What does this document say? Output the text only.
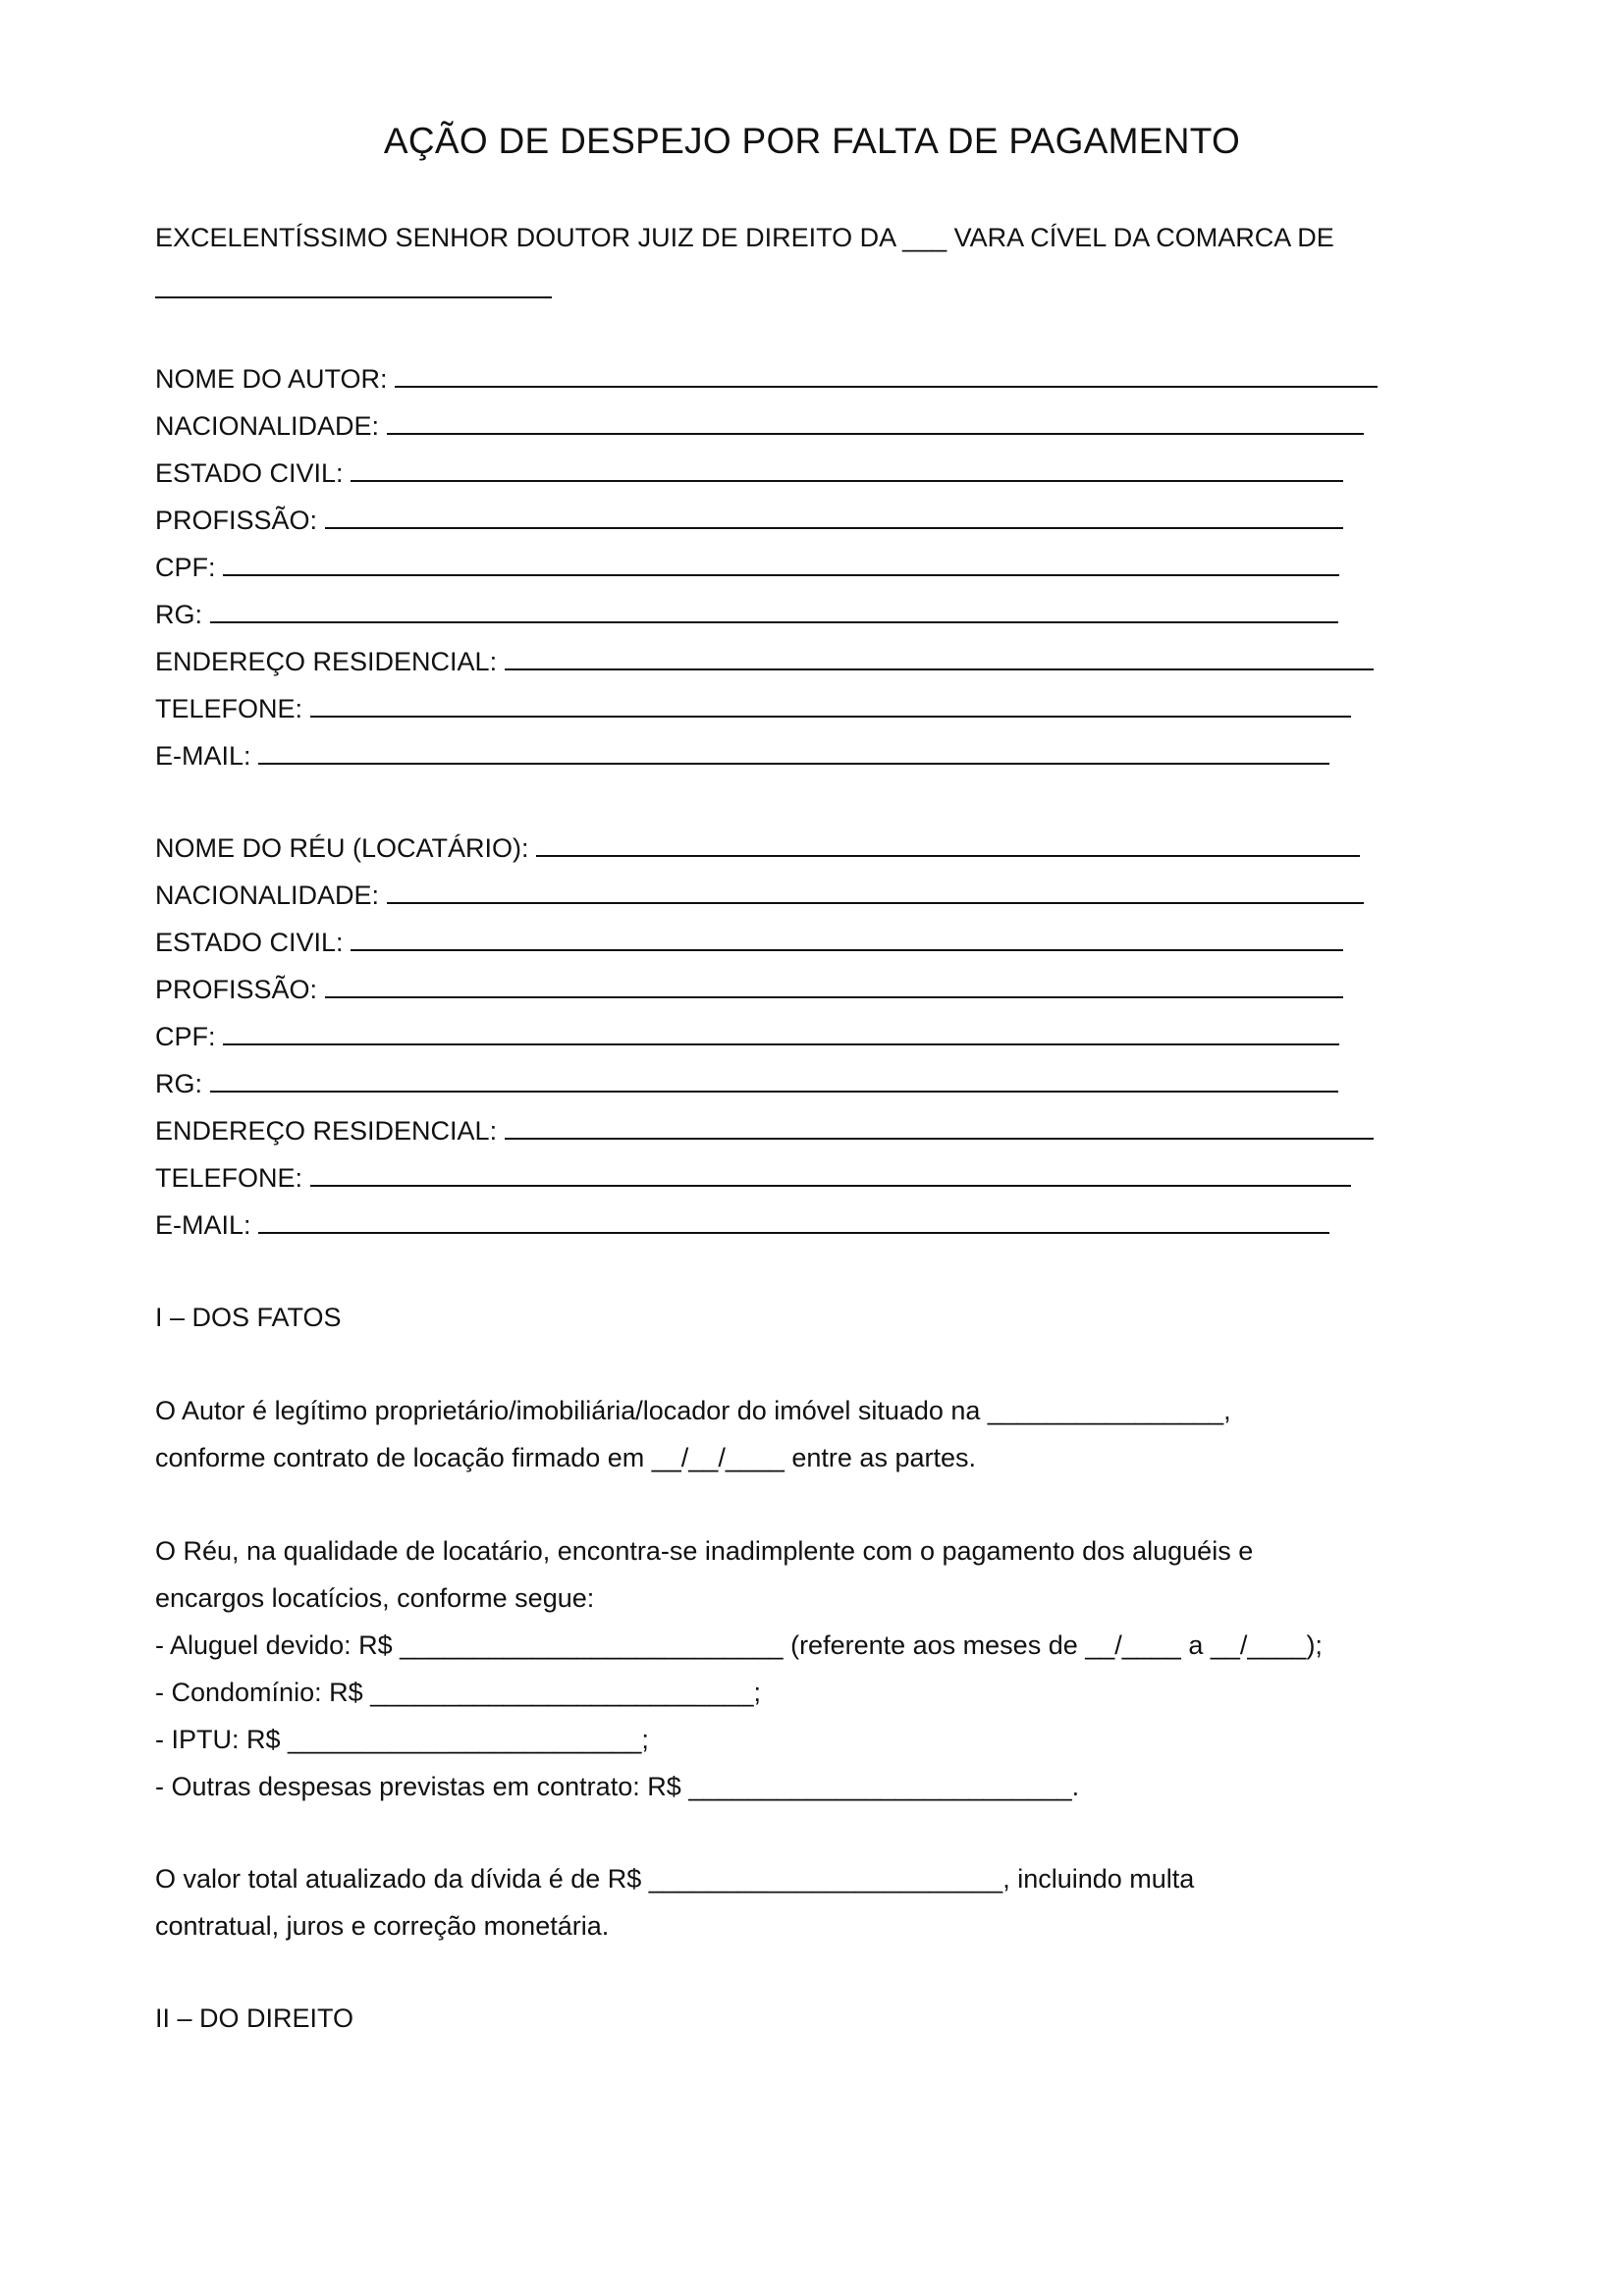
AÇÃO DE DESPEJO POR FALTA DE PAGAMENTO
EXCELENTÍSSIMO SENHOR DOUTOR JUIZ DE DIREITO DA ___ VARA CÍVEL DA COMARCA DE
NOME DO AUTOR:
NACIONALIDADE:
ESTADO CIVIL:
PROFISSÃO:
CPF:
RG:
ENDEREÇO RESIDENCIAL:
TELEFONE:
E-MAIL:
NOME DO RÉU (LOCATÁRIO):
NACIONALIDADE:
ESTADO CIVIL:
PROFISSÃO:
CPF:
RG:
ENDEREÇO RESIDENCIAL:
TELEFONE:
E-MAIL:
I – DOS FATOS
O Autor é legítimo proprietário/imobiliária/locador do imóvel situado na ________________,
conforme contrato de locação firmado em __/__/____ entre as partes.
O Réu, na qualidade de locatário, encontra-se inadimplente com o pagamento dos aluguéis e
encargos locatícios, conforme segue:
- Aluguel devido: R$ __________________________ (referente aos meses de __/____ a __/____);
- Condomínio: R$ __________________________;
- IPTU: R$ ________________________;
- Outras despesas previstas em contrato: R$ __________________________.
O valor total atualizado da dívida é de R$ ________________________, incluindo multa
contratual, juros e correção monetária.
II – DO DIREITO
